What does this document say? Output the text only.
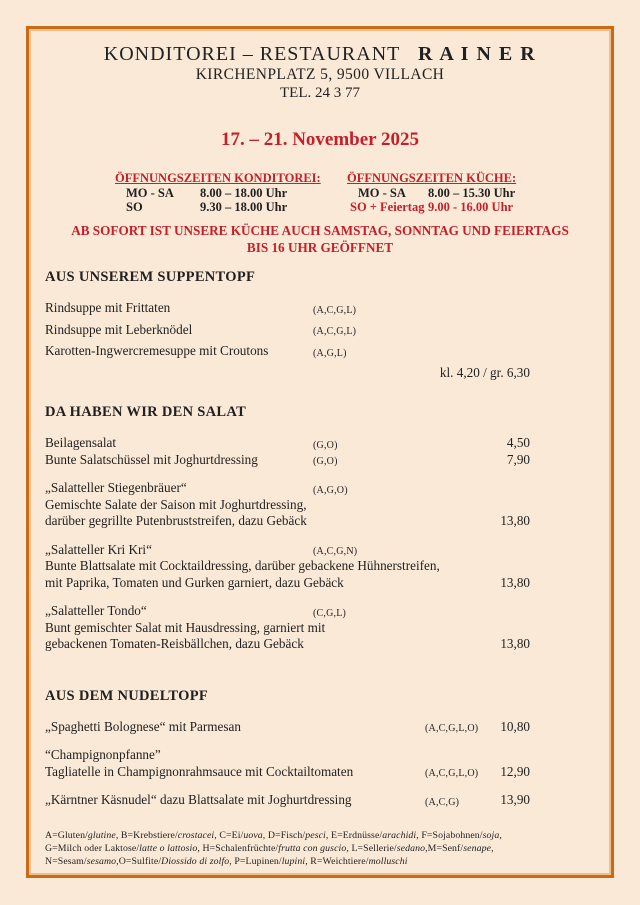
KONDITOREI – RESTAURANT R A I N E R
KIRCHENPLATZ 5, 9500 VILLACH
TEL. 24 3 77
17. – 21. November 2025
ÖFFNUNGSZEITEN KONDITOREI:
MO - SA	8.00 – 18.00 Uhr
SO	9.30 – 18.00 Uhr
ÖFFNUNGSZEITEN KÜCHE:
MO - SA	8.00 – 15.30 Uhr
SO + Feiertag 9.00 - 16.00 Uhr
AB SOFORT IST UNSERE KÜCHE AUCH SAMSTAG, SONNTAG UND FEIERTAGS
BIS 16 UHR GEÖFFNET
AUS UNSEREM SUPPENTOPF
Rindsuppe mit Frittaten	(A,C,G,L)
Rindsuppe mit Leberknödel	(A,C,G,L)
Karotten-Ingwercremesuppe mit Croutons	(A,G,L)
kl. 4,20 / gr. 6,30
DA HABEN WIR DEN SALAT
Beilagensalat	(G,O)	4,50
Bunte Salatschüssel mit Joghurtdressing	(G,O)	7,90
„Salatteller Stiegenbräuer“	(A,G,O)
Gemischte Salate der Saison mit Joghurtdressing,
darüber gegrillte Putenbruststreifen, dazu Gebäck	13,80
„Salatteller Kri Kri“	(A,C,G,N)
Bunte Blattsalate mit Cocktaildressing, darüber gebackene Hühnerstreifen,
mit Paprika, Tomaten und Gurken garniert, dazu Gebäck	13,80
„Salatteller Tondo“	(C,G,L)
Bunt gemischter Salat mit Hausdressing, garniert mit
gebackenen Tomaten-Reisbällchen, dazu Gebäck	13,80
AUS DEM NUDELTOPF
„Spaghetti Bolognese“ mit Parmesan	(A,C,G,L,O) 10,80
“Champignonpfanne”
Tagliatelle in Champignonrahmsauce mit Cocktailtomaten	(A,C,G,L,O) 12,90
„Kärntner Käsnudel“ dazu Blattsalate mit Joghurtdressing	(A,C,G)	13,90
A=Gluten/glutine, B=Krebstiere/crostacei, C=Ei/uova, D=Fisch/pesci, E=Erdnüsse/arachidi, F=Sojabohnen/soja,
G=Milch oder Laktose/latte o lattosio, H=Schalenfrüchte/frutta con guscio, L=Sellerie/sedano,M=Senf/senape,
N=Sesam/sesamo,O=Sulfite/Diossido di zolfo, P=Lupinen/lupini, R=Weichtiere/molluschi
